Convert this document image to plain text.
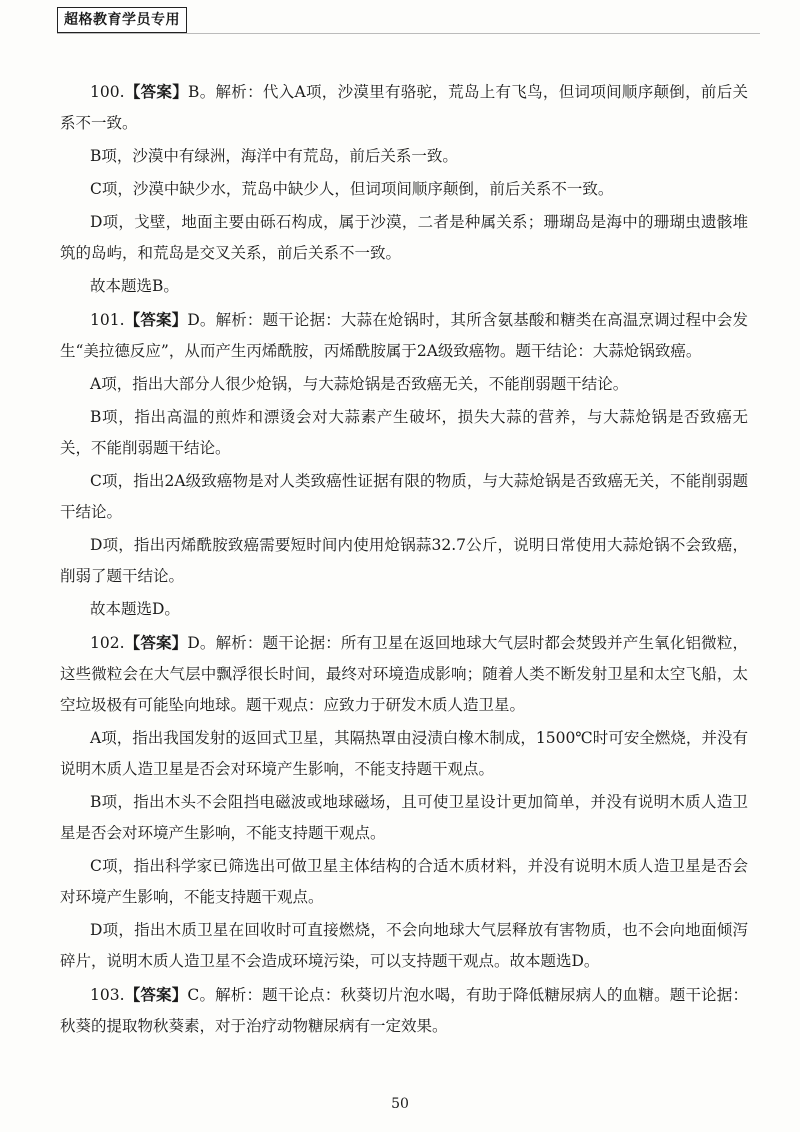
超格教育学员专用

100.【答案】B。解析：代入A项，沙漠里有骆驼，荒岛上有飞鸟，但词项间顺序颠倒，前后关系不一致。

B项，沙漠中有绿洲，海洋中有荒岛，前后关系一致。

C项，沙漠中缺少水，荒岛中缺少人，但词项间顺序颠倒，前后关系不一致。

D项，戈壁，地面主要由砾石构成，属于沙漠，二者是种属关系；珊瑚岛是海中的珊瑚虫遗骸堆筑的岛屿，和荒岛是交叉关系，前后关系不一致。

故本题选B。

101.【答案】D。解析：题干论据：大蒜在炝锅时，其所含氨基酸和糖类在高温烹调过程中会发生“美拉德反应”，从而产生丙烯酰胺，丙烯酰胺属于2A级致癌物。题干结论：大蒜炝锅致癌。

A项，指出大部分人很少炝锅，与大蒜炝锅是否致癌无关，不能削弱题干结论。

B项，指出高温的煎炸和漂烫会对大蒜素产生破坏，损失大蒜的营养，与大蒜炝锅是否致癌无关，不能削弱题干结论。

C项，指出2A级致癌物是对人类致癌性证据有限的物质，与大蒜炝锅是否致癌无关，不能削弱题干结论。

D项，指出丙烯酰胺致癌需要短时间内使用炝锅蒜32.7公斤，说明日常使用大蒜炝锅不会致癌，削弱了题干结论。

故本题选D。

102.【答案】D。解析：题干论据：所有卫星在返回地球大气层时都会焚毁并产生氧化铝微粒，这些微粒会在大气层中飘浮很长时间，最终对环境造成影响；随着人类不断发射卫星和太空飞船，太空垃圾极有可能坠向地球。题干观点：应致力于研发木质人造卫星。

A项，指出我国发射的返回式卫星，其隔热罩由浸渍白橡木制成，1500℃时可安全燃烧，并没有说明木质人造卫星是否会对环境产生影响，不能支持题干观点。

B项，指出木头不会阻挡电磁波或地球磁场，且可使卫星设计更加简单，并没有说明木质人造卫星是否会对环境产生影响，不能支持题干观点。

C项，指出科学家已筛选出可做卫星主体结构的合适木质材料，并没有说明木质人造卫星是否会对环境产生影响，不能支持题干观点。

D项，指出木质卫星在回收时可直接燃烧，不会向地球大气层释放有害物质，也不会向地面倾泻碎片，说明木质人造卫星不会造成环境污染，可以支持题干观点。故本题选D。

103.【答案】C。解析：题干论点：秋葵切片泡水喝，有助于降低糖尿病人的血糖。题干论据：秋葵的提取物秋葵素，对于治疗动物糖尿病有一定效果。

50
